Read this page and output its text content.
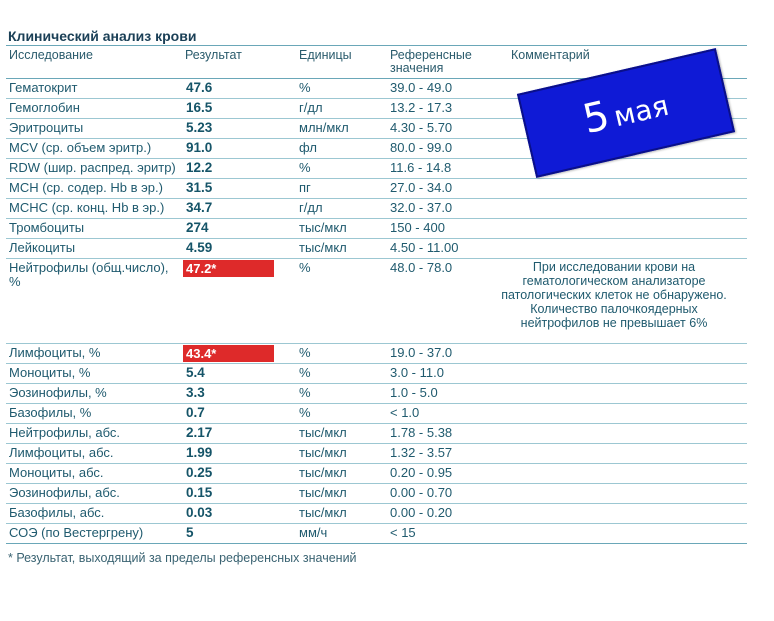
Клинический анализ крови
Исследование	Результат	Единицы	Референсные
значения
Комментарий
Гематокрит	47.6	%	39.0 - 49.0
Гемоглобин	16.5	г/дл	13.2 - 17.3
Эритроциты	5.23	млн/мкл	4.30 - 5.70
MCV (ср. объем эритр.)	91.0	фл	80.0 - 99.0
RDW (шир. распред. эритр) 12.2	%	11.6 - 14.8
MCH (ср. содер. Hb в эр.) 31.5	пг	27.0 - 34.0
MCHC (ср. конц. Hb в эр.) 34.7	г/дл	32.0 - 37.0
Тромбоциты	274	тыс/мкл	150 - 400
Лейкоциты	4.59	тыс/мкл	4.50 - 11.00
Нейтрофилы (общ.число),
%
47.2*	%	48.0 - 78.0	При исследовании крови на гематологическом анализаторе патологических клеток не обнаружено. Количество палочкоядерных нейтрофилов не превышает 6%
Лимфоциты, %	43.4*	%	19.0 - 37.0
Моноциты, %	5.4	%	3.0 - 11.0
Эозинофилы, %	3.3	%	1.0 - 5.0
Базофилы, %	0.7	%	< 1.0
Нейтрофилы, абс.	2.17	тыс/мкл	1.78 - 5.38
Лимфоциты, абс.	1.99	тыс/мкл	1.32 - 3.57
Моноциты, абс.	0.25	тыс/мкл	0.20 - 0.95
Эозинофилы, абс.	0.15	тыс/мкл	0.00 - 0.70
Базофилы, абс.	0.03	тыс/мкл	0.00 - 0.20
СОЭ (по Вестергрену)	5	мм/ч	< 15
* Результат, выходящий за пределы референсных значений
5 мая
